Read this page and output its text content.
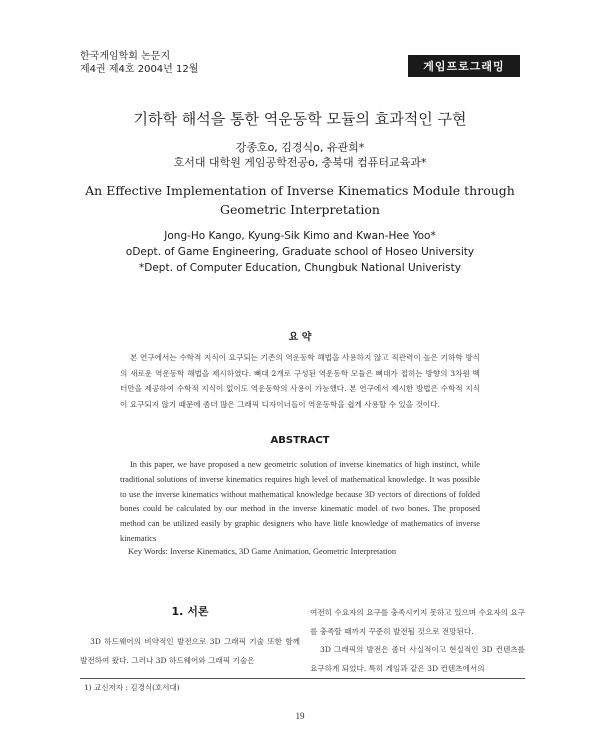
한국게임학회 논문지
제4권 제4호 2004년 12월	게임프로그래밍
기하학 해석을 통한 역운동학 모듈의 효과적인 구현
강종호o, 김경식o, 유관희*
호서대 대학원 게임공학전공o, 충북대 컴퓨터교육과*
An Effective Implementation of Inverse Kinematics Module through
Geometric Interpretation
Jong-Ho Kango, Kyung-Sik Kimo and Kwan-Hee Yoo*
oDept. of Game Engineering, Graduate school of Hoseo University
*Dept. of Computer Education, Chungbuk National Univeristy
요 약
본 연구에서는 수학적 지식이 요구되는 기존의 역운동학 해법을 사용하지 않고 직관력이 높은 기하학 방식의 새로운 역운동학 해법을 제시하였다. 뼈대 2개로 구성된 역운동학 모듈은 뼈대가 접히는 방향의 3차원 벡터만을 제공하여 수학적 지식이 없이도 역운동학의 사용이 가능했다. 본 연구에서 제시한 방법은 수학적 지식이 요구되지 않기 때문에 좀더 많은 그래픽 디자이너들이 역운동학을 쉽게 사용할 수 있을 것이다.
ABSTRACT
In this paper, we have proposed a new geometric solution of inverse kinematics of high instinct, while traditional solutions of inverse kinematics requires high level of mathematical knowledge. It was possible to use the inverse kinematics without mathematical knowledge because 3D vectors of directions of folded bones could be calculated by our method in the inverse kinematic model of two bones. The proposed method can be utilized easily by graphic designers who have little knowledge of mathematics of inverse kinematics
Key Words: Inverse Kinematics, 3D Game Animation, Geometric Interpretation
1. 서론
3D 하드웨어의 비약적인 발전으로 3D 그래픽 기술 또한 함께 발전하여 왔다. 그러나 3D 하드웨어와 그래픽 기술은
여전히 수요자의 요구를 충족시키지 못하고 있으며 수요자의 요구를 충족할 때까지 꾸준히 발전될 것으로 전망된다.
3D 그래픽의 발전은 좀더 사실적이고 현실적인 3D 컨텐츠를 요구하게 되었다. 특히 게임과 같은 3D 컨텐츠에서의
1) 교신저자 : 김경식(호서대)
19
